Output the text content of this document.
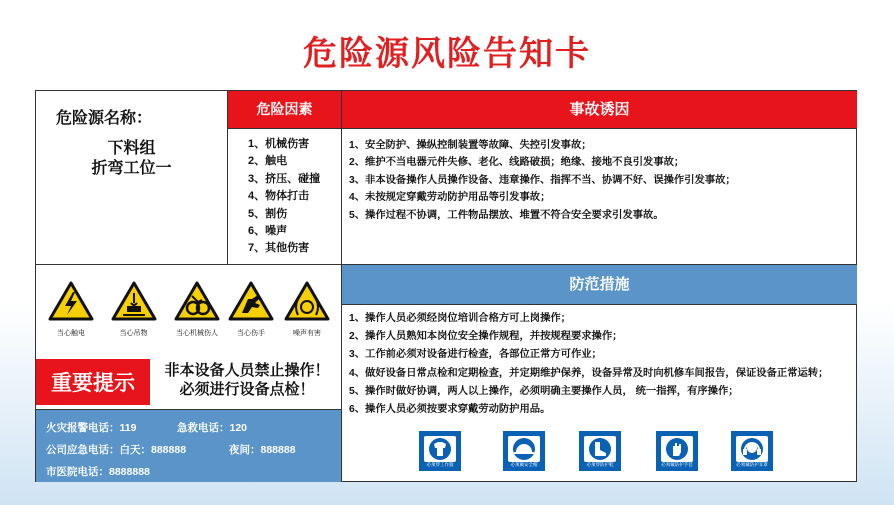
危险源风险告知卡
危险源名称：
下料组
折弯工位一
危险因素
1、机械伤害
2、触电
3、挤压、碰撞
4、物体打击
5、割伤
6、噪声
7、其他伤害
事故诱因
1、安全防护、操纵控制装置等故障、失控引发事故；
2、维护不当电器元件失修、老化、线路破损；绝缘、接地不良引发事故；
3、非本设备操作人员操作设备、违章操作、指挥不当、协调不好、误操作引发事故；
4、未按规定穿戴劳动防护用品等引发事故；
5、操作过程不协调，工件物品摆放、堆置不符合安全要求引发事故。
当心触电	当心吊物	当心机械伤人	当心伤手	噪声有害
重要提示
非本设备人员禁止操作！
必须进行设备点检！
火灾报警电话：119	急救电话：120
公司应急电话：白天：888888	夜间：888888
市医院电话：8888888
防范措施
1、操作人员必须经岗位培训合格方可上岗操作；
2、操作人员熟知本岗位安全操作规程，并按规程要求操作；
3、工作前必须对设备进行检查，各部位正常方可作业；
4、做好设备日常点检和定期检查，并定期维护保养，设备异常及时向机修车间报告，保证设备正常运转；
5、操作时做好协调，两人以上操作，必须明确主要操作人员， 统一指挥，有序操作；
6、操作人员必须按要求穿戴劳动防护用品。
必须穿工作服	必须戴安全帽	必须穿防护鞋	必须戴防护手套	必须戴防护耳罩
